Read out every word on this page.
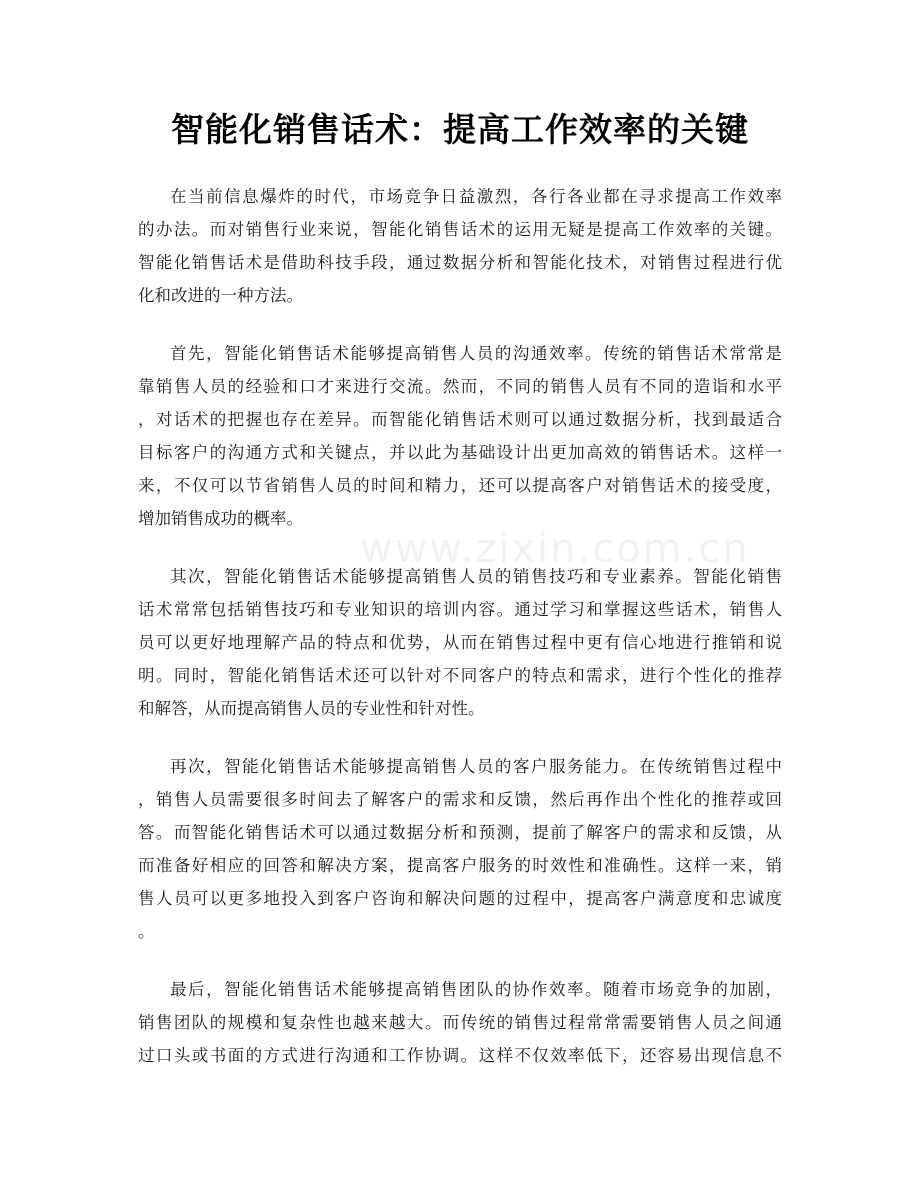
智能化销售话术：提高工作效率的关键
www.zixin.com.cn

在当前信息爆炸的时代，市场竞争日益激烈，各行各业都在寻求提高工作效率

的办法。而对销售行业来说，智能化销售话术的运用无疑是提高工作效率的关键。

智能化销售话术是借助科技手段，通过数据分析和智能化技术，对销售过程进行优

化和改进的一种方法。

首先，智能化销售话术能够提高销售人员的沟通效率。传统的销售话术常常是

靠销售人员的经验和口才来进行交流。然而，不同的销售人员有不同的造诣和水平

，对话术的把握也存在差异。而智能化销售话术则可以通过数据分析，找到最适合

目标客户的沟通方式和关键点，并以此为基础设计出更加高效的销售话术。这样一

来，不仅可以节省销售人员的时间和精力，还可以提高客户对销售话术的接受度，

增加销售成功的概率。

其次，智能化销售话术能够提高销售人员的销售技巧和专业素养。智能化销售

话术常常包括销售技巧和专业知识的培训内容。通过学习和掌握这些话术，销售人

员可以更好地理解产品的特点和优势，从而在销售过程中更有信心地进行推销和说

明。同时，智能化销售话术还可以针对不同客户的特点和需求，进行个性化的推荐

和解答，从而提高销售人员的专业性和针对性。

再次，智能化销售话术能够提高销售人员的客户服务能力。在传统销售过程中

，销售人员需要很多时间去了解客户的需求和反馈，然后再作出个性化的推荐或回

答。而智能化销售话术可以通过数据分析和预测，提前了解客户的需求和反馈，从

而准备好相应的回答和解决方案，提高客户服务的时效性和准确性。这样一来，销

售人员可以更多地投入到客户咨询和解决问题的过程中，提高客户满意度和忠诚度

。

最后，智能化销售话术能够提高销售团队的协作效率。随着市场竞争的加剧，

销售团队的规模和复杂性也越来越大。而传统的销售过程常常需要销售人员之间通

过口头或书面的方式进行沟通和工作协调。这样不仅效率低下，还容易出现信息不
